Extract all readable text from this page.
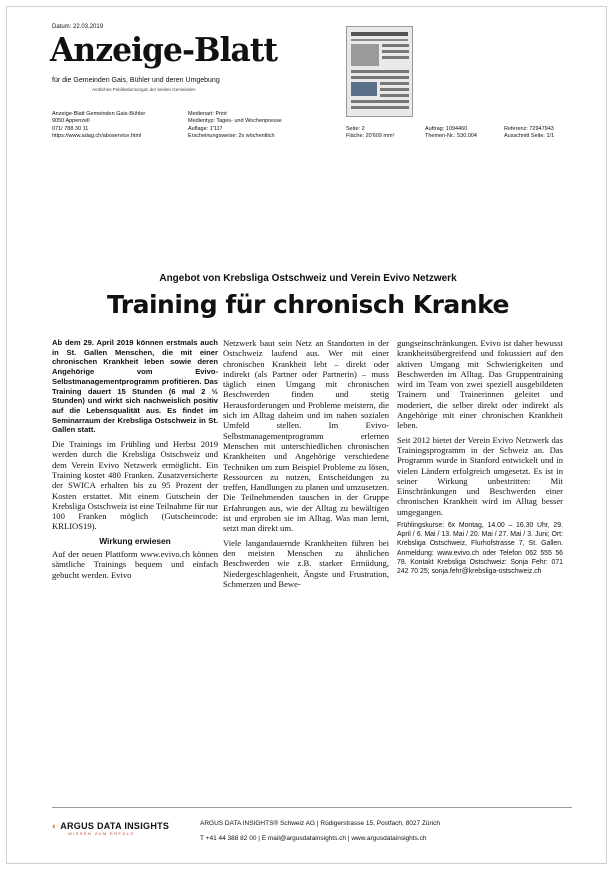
Datum: 22.03.2019
Anzeige-Blatt
für die Gemeinden Gais, Bühler und deren Umgebung
Amtliches Publikationsorgan der beiden Gemeinden
Anzeige-Blatt Gemeinden Gais-Bühler
9050 Appenzell
071/ 788 30 11
https://www.adag.ch/aboservice.html
Medienart: Print
Medientyp: Tages- und Wochenpresse
Auflage: 1'117
Erscheinungsweise: 2x wöchentlich
Seite: 2
Fläche: 20'609 mm²
Auftrag: 1094460
Themen-Nr.: 530.004
Referenz: 72947943
Ausschnitt Seite: 1/1
Angebot von Krebsliga Ostschweiz und Verein Evivo Netzwerk
Training für chronisch Kranke

Ab dem 29. April 2019 können erstmals auch in St. Gallen Menschen, die mit einer chronischen Krankheit leben sowie deren Angehörige vom Evivo-Selbstmanagementprogramm profitieren. Das Training dauert 15 Stunden (6 mal 2 ½ Stunden) und wirkt sich nachweislich positiv auf die Lebensqualität aus. Es findet im Seminarraum der Krebsliga Ostschweiz in St. Gallen statt.

Die Trainings im Frühling und Herbst 2019 werden durch die Krebsliga Ostschweiz und dem Verein Evivo Netzwerk ermöglicht. Ein Training kostet 480 Franken. Zusatzversicherte der SWICA erhalten bis zu 95 Prozent der Kosten erstattet. Mit einem Gutschein der Krebsliga Ostschweiz ist eine Teilnahme für nur 100 Franken möglich (Gutscheincode: KRLIOS19).

Wirkung erwiesen

Auf der neuen Plattform www.evivo.ch können sämtliche Trainings bequem und einfach gebucht werden. Evivo

Netzwerk baut sein Netz an Standorten in der Ostschweiz laufend aus. Wer mit einer chronischen Krankheit lebt – direkt oder indirekt (als Partner oder Partnerin) – muss täglich einen Umgang mit chronischen Beschwerden finden und stetig Herausforderungen und Probleme meistern, die sich im Alltag daheim und im nahen sozialen Umfeld stellen. Im Evivo-Selbstmanagementprogramm erlernen Menschen mit unterschiedlichen chronischen Krankheiten und Angehörige verschiedene Techniken um zum Beispiel Probleme zu lösen, Ressourcen zu nutzen, Entscheidungen zu treffen, Handlungen zu planen und umzusetzen. Die Teilnehmenden tauschen in der Gruppe Erfahrungen aus, wie der Alltag zu bewältigen ist und erproben sie im Alltag. Was man lernt, setzt man direkt um.

Viele langandauernde Krankheiten führen bei den meisten Menschen zu ähnlichen Beschwerden wie z.B. starker Ermüdung, Niedergeschlagenheit, Ängste und Frustration, Schmerzen und Bewe-

gungseinschränkungen. Evivo ist daher bewusst krankheitsübergreifend und fokussiert auf den aktiven Umgang mit Schwierigkeiten und Beschwerden im Alltag. Das Gruppentraining wird im Team von zwei speziell ausgebildeten Trainern und Trainerinnen geleitet und moderiert, die selber direkt oder indirekt als Angehörige mit einer chronischen Krankheit leben.

Seit 2012 bietet der Verein Evivo Netzwerk das Trainingsprogramm in der Schweiz an. Das Programm wurde in Stanford entwickelt und in vielen Ländern erfolgreich umgesetzt. Es ist in seiner Wirkung unbestritten: Mit Einschränkungen und Beschwerden einer chronischen Krankheit wird im Alltag besser umgegangen.

Frühlingskurse: 6x Montag, 14.00 – 16.30 Uhr, 29. April / 6. Mai / 13. Mai / 20. Mai / 27. Mai / 3. Juni; Ort: Krebsliga Ostschweiz, Flurhofstrasse 7, St. Gallen. Anmeldung: www.evivo.ch oder Telefon 062 555 56 78. Kontakt Krebsliga Ostschweiz: Sonja Fehr: 071 242 70 25; sonja.fehr@krebsliga-ostschweiz.ch

◐ ARGUS DATA INSIGHTS
WISSEN ZUM ERFOLG
ARGUS DATA INSIGHTS® Schweiz AG | Rüdigerstrasse 15, Postfach, 8027 Zürich
T +41 44 388 82 00 | E mail@argusdatainsights.ch | www.argusdatainsights.ch
